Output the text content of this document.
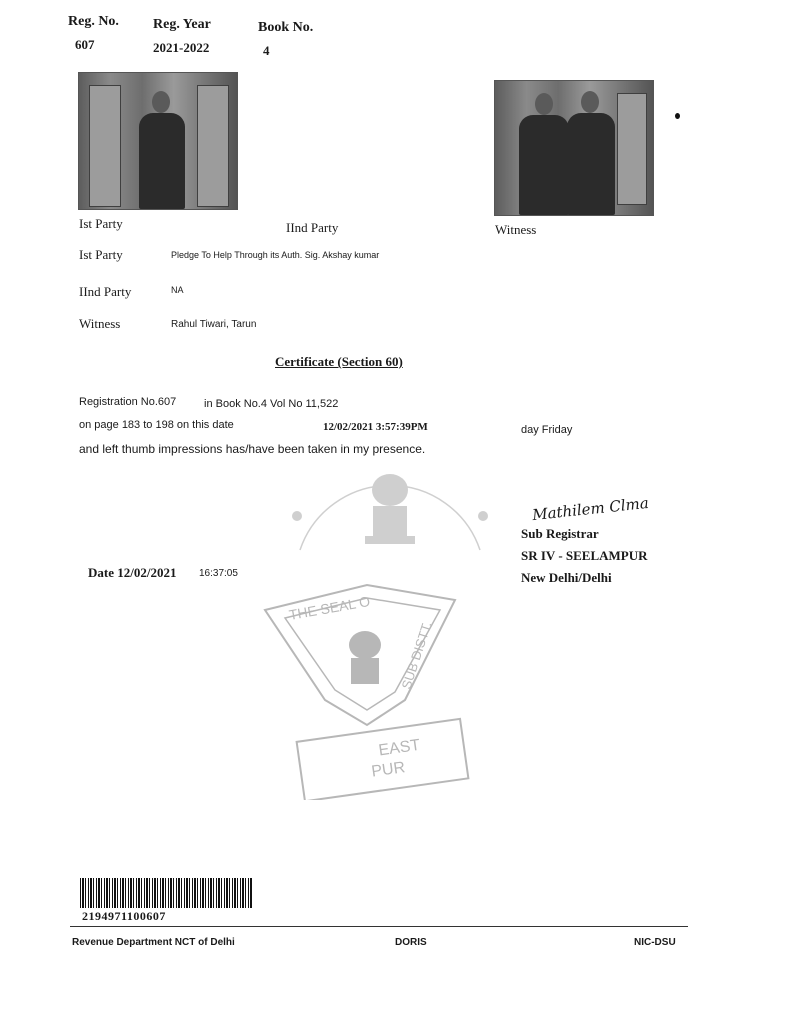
Reg. No.
607
Reg. Year
2021-2022
Book No.
4
Ist Party	IInd Party	Witness
Ist Party	Pledge To Help Through its Auth. Sig. Akshay kumar
IInd Party	NA
Witness	Rahul Tiwari, Tarun
Certificate (Section 60)
Registration No.607	in Book No.4 Vol No 11,522
on page 183 to 198 on this date	12/02/2021 3:57:39PM	day Friday
and left thumb impressions has/have been taken in my presence.
Mathilem Clma
Sub Registrar
SR IV - SEELAMPUR
New Delhi/Delhi
Date 12/02/2021 16:37:05
THE SEAL O
SUB DISTT.
EAST
PUR
2194971100607
Revenue Department NCT of Delhi	DORIS	NIC-DSU
